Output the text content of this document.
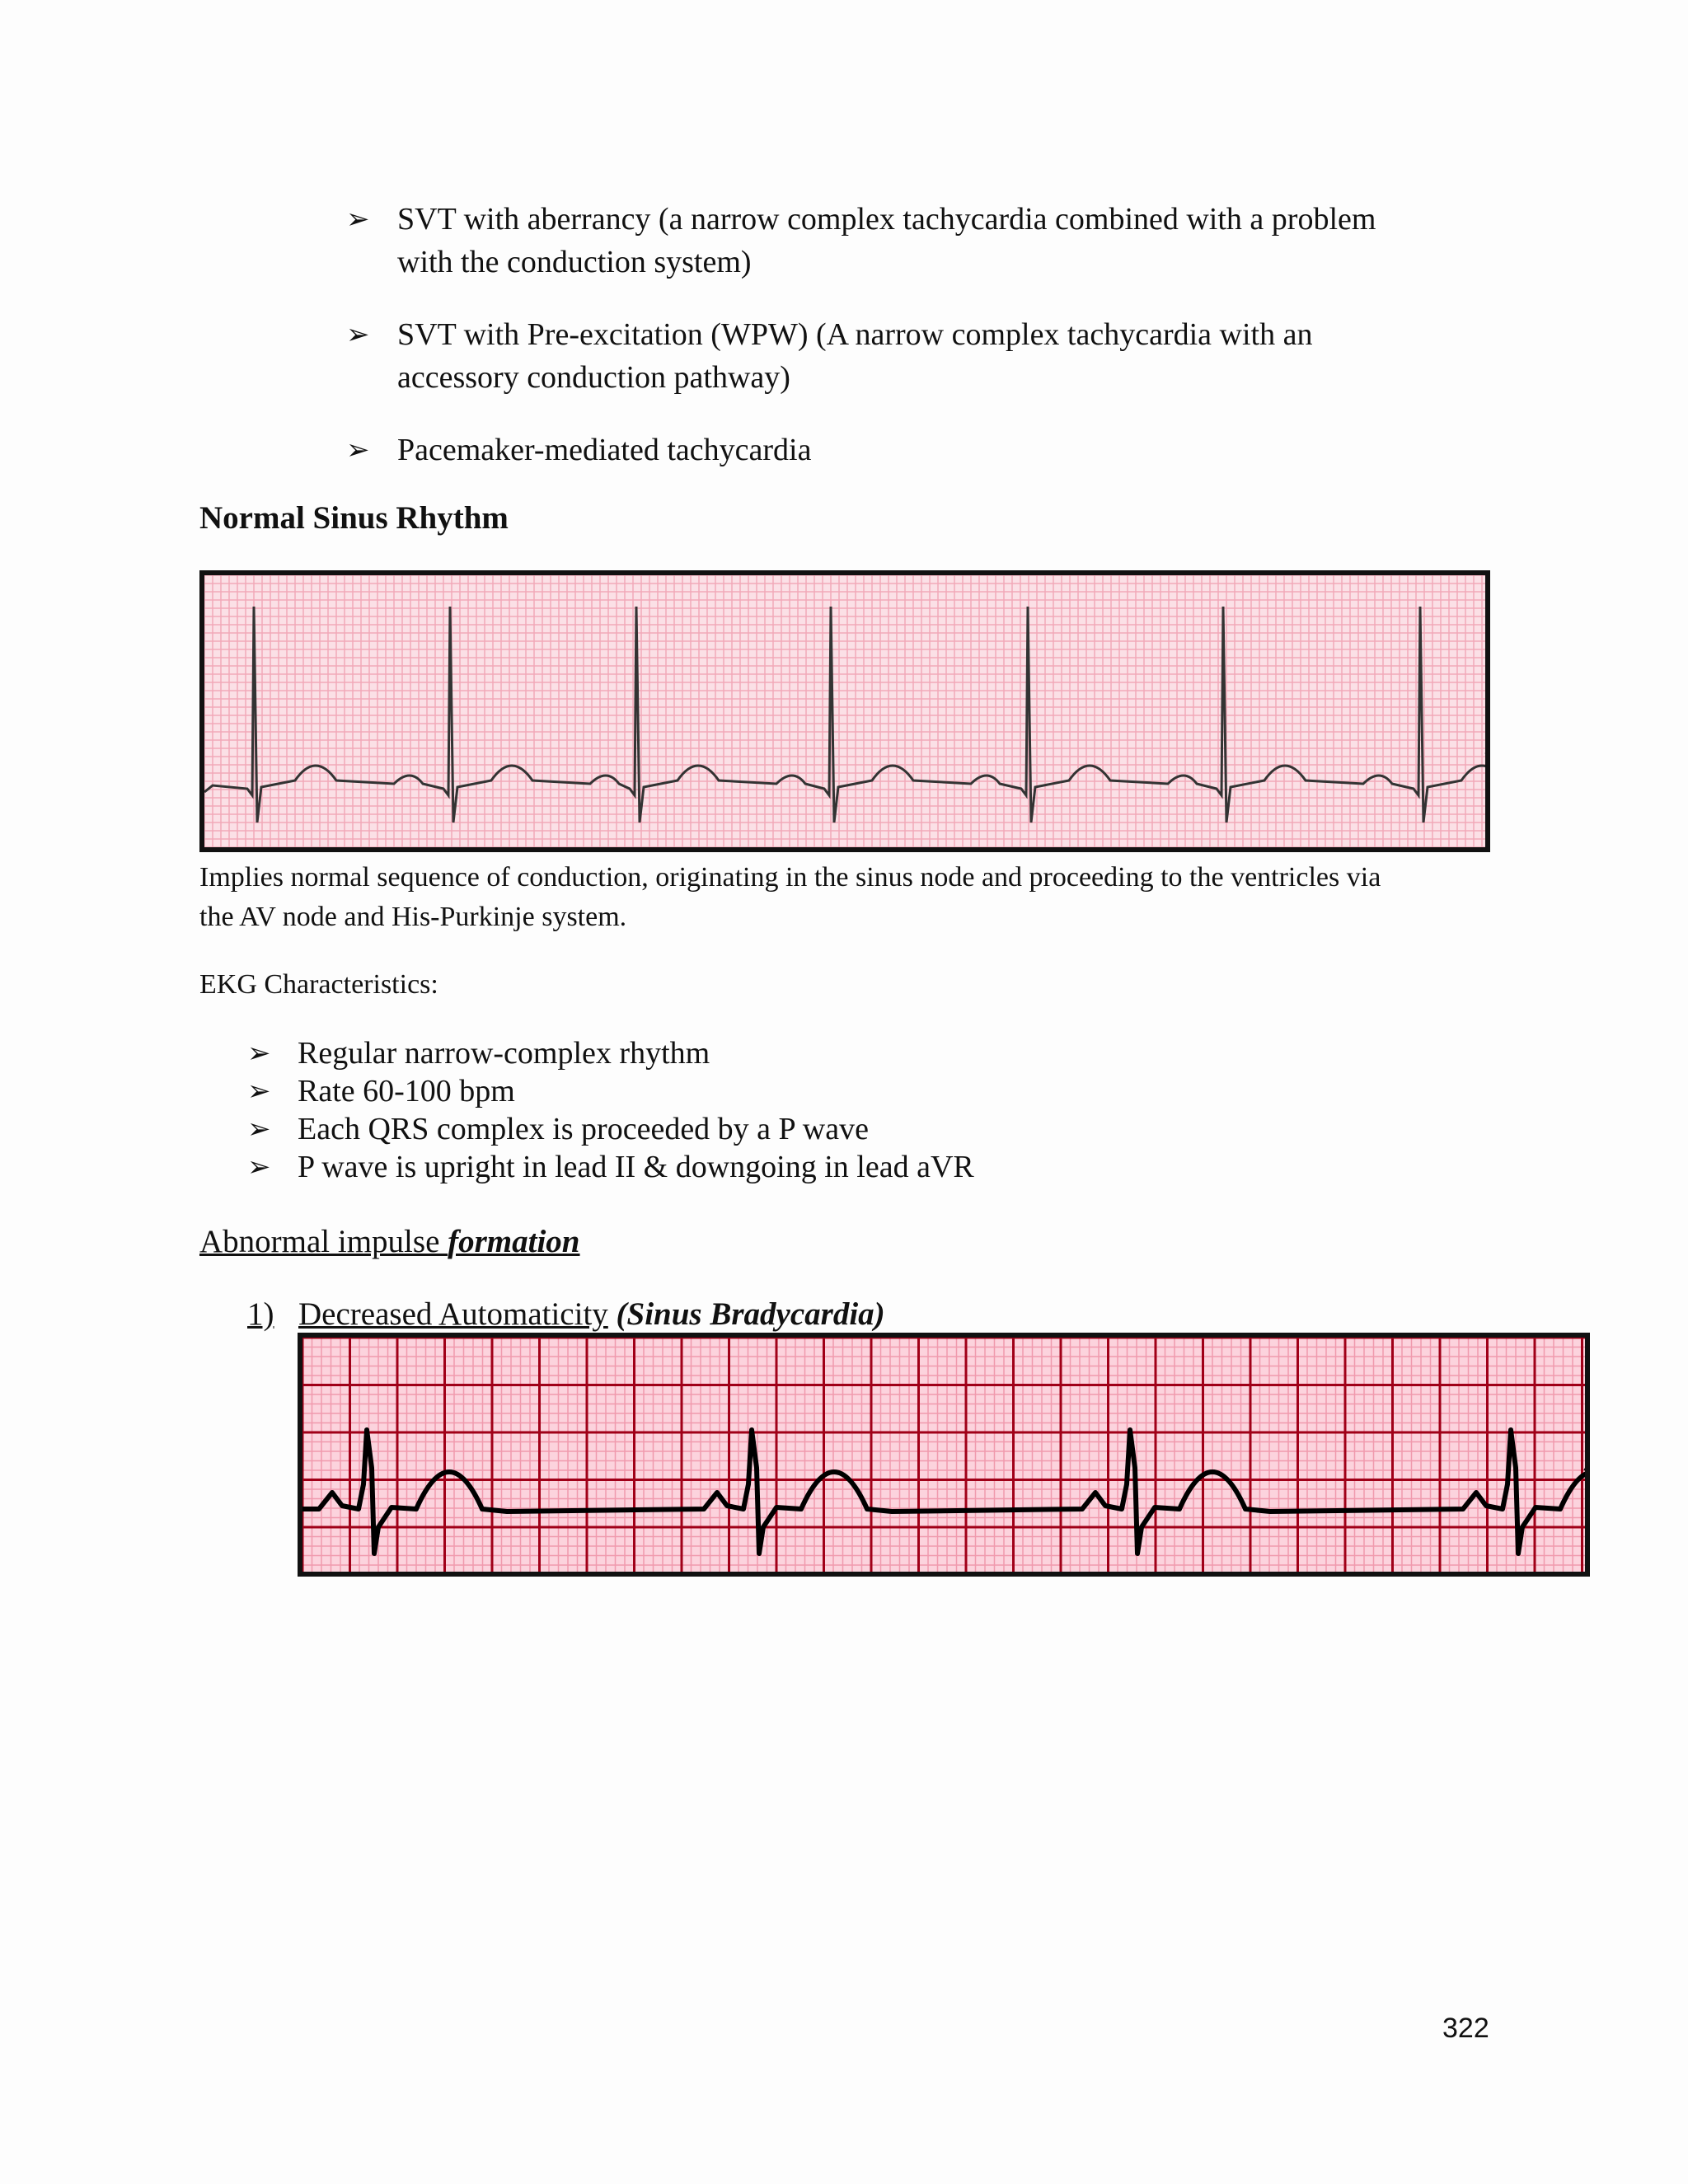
➢ SVT with aberrancy (a narrow complex tachycardia combined with a problem
with the conduction system)
➢ SVT with Pre-excitation (WPW) (A narrow complex tachycardia with an
accessory conduction pathway)
➢ Pacemaker-mediated tachycardia
Normal Sinus Rhythm
Implies normal sequence of conduction, originating in the sinus node and proceeding to the ventricles via
the AV node and His-Purkinje system.
EKG Characteristics:
➢ Regular narrow-complex rhythm
➢ Rate 60-100 bpm
➢ Each QRS complex is proceeded by a P wave
➢ P wave is upright in lead II & downgoing in lead aVR
Abnormal impulse formation
1) Decreased Automaticity (Sinus Bradycardia)
322
